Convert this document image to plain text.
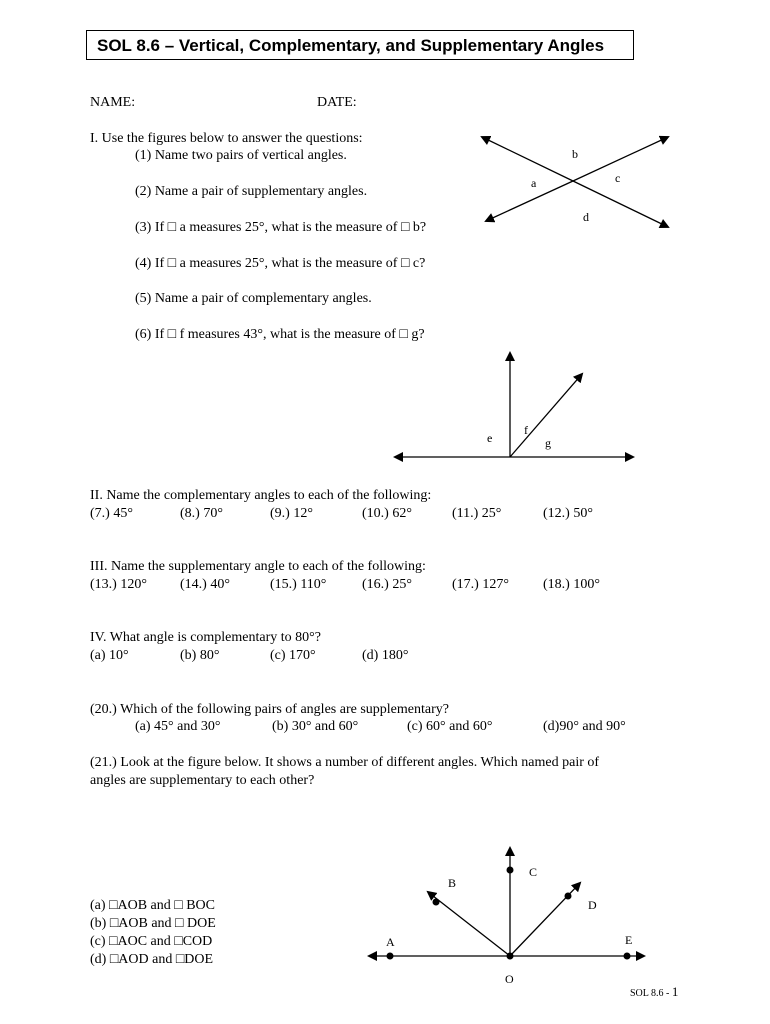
SOL 8.6 – Vertical, Complementary, and Supplementary Angles
NAME:	DATE:
I. Use the figures below to answer the questions:
(1) Name two pairs of vertical angles.
(2) Name a pair of supplementary angles.
(3) If □ a measures 25°, what is the measure of □ b?
(4) If □ a measures 25°, what is the measure of □ c?
(5) Name a pair of complementary angles.
(6) If □ f measures 43°, what is the measure of □ g?
a
b
c
d
e
f
g
II. Name the complementary angles to each of the following:
(7.) 45°	(8.) 70°	(9.) 12°	(10.) 62°	(11.) 25°	(12.) 50°
III. Name the supplementary angle to each of the following:
(13.) 120° (14.) 40°	(15.) 110°	(16.) 25°	(17.) 127° (18.) 100°
IV. What angle is complementary to 80°?
(a) 10°	(b) 80°	(c) 170°	(d) 180°
(20.) Which of the following pairs of angles are supplementary?
(a) 45° and 30°	(b) 30° and 60°	(c) 60° and 60°	(d)90° and 90°
(21.) Look at the figure below. It shows a number of different angles. Which named pair of
angles are supplementary to each other?
(a) □AOB and □ BOC
(b) □AOB and □ DOE
(c) □AOC and □COD
(d) □AOD and □DOE
A
B
C
D
E
O
SOL 8.6 - 1
